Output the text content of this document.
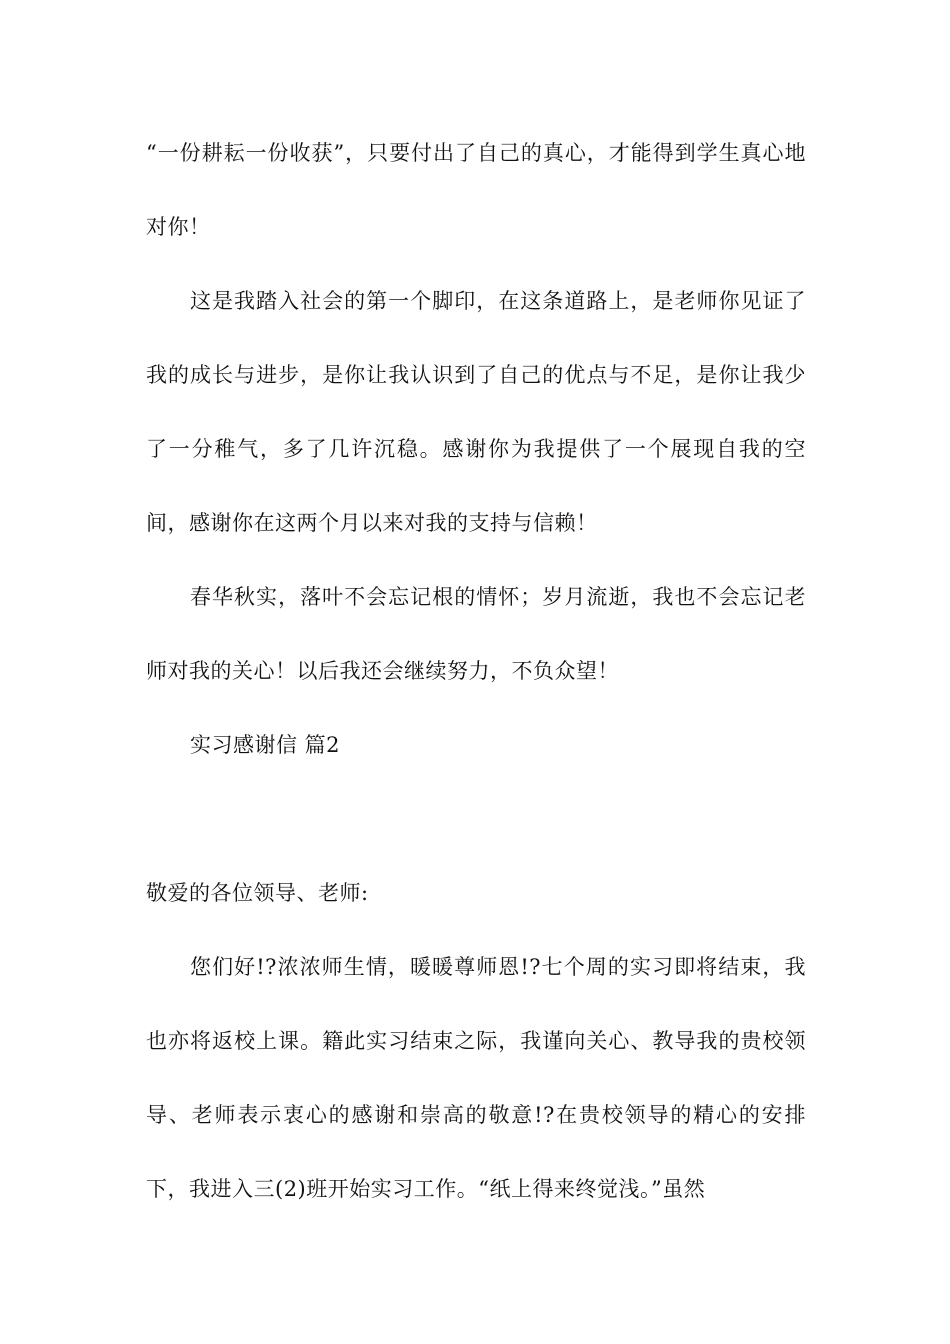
“一份耕耘一份收获”，只要付出了自己的真心，才能得到学生真心地对你！

这是我踏入社会的第一个脚印，在这条道路上，是老师你见证了我的成长与进步，是你让我认识到了自己的优点与不足，是你让我少了一分稚气，多了几许沉稳。感谢你为我提供了一个展现自我的空间，感谢你在这两个月以来对我的支持与信赖！

春华秋实，落叶不会忘记根的情怀；岁月流逝，我也不会忘记老师对我的关心！以后我还会继续努力，不负众望！

实习感谢信 篇2

敬爱的各位领导、老师:

您们好!?浓浓师生情，暖暖尊师恩!?七个周的实习即将结束，我也亦将返校上课。籍此实习结束之际，我谨向关心、教导我的贵校领导、老师表示衷心的感谢和崇高的敬意!?在贵校领导的精心的安排下，我进入三(2)班开始实习工作。“纸上得来终觉浅。”虽然
